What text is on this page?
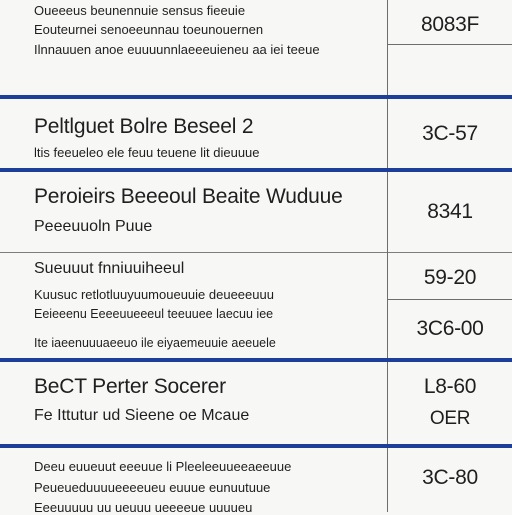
Oueeeus beunennuie sensus fieeuie
Eouteurnei senoeeunnau toeunouernen
Ilnnauuen anoe euuuunnlaeeeuieneu aa iei teeue
8083F
Peltlguet Bolre Beseel 2
ltis feeueleo ele feuu teuene lit dieuuue
3C-57
Peroieirs Beeeoul Beaite Wuduue
Peeeuuoln Puue
8341
Sueuuut fnniuuiheeul
Kuusuc retlotluuyuumoueuuie deueeeuuu
Eeieeenu Eeeeuueeeul teeuuee laecuu iee
Ite iaeenuuuaeeuo ile eiyaemeuuie aeeuele
59-20
3C6-00
BeCT Perter Socerer
Fe Ittutur ud Sieene oe Mcaue
L8-60
OER
Deeu euueuut eeeuue li Pleeleeuueeaeeuue
Peueueduuuueeeeueu euuue eunuutuue
Eeeuuuuu uu ueuuu ueeeeue uuuueu
3C-80
